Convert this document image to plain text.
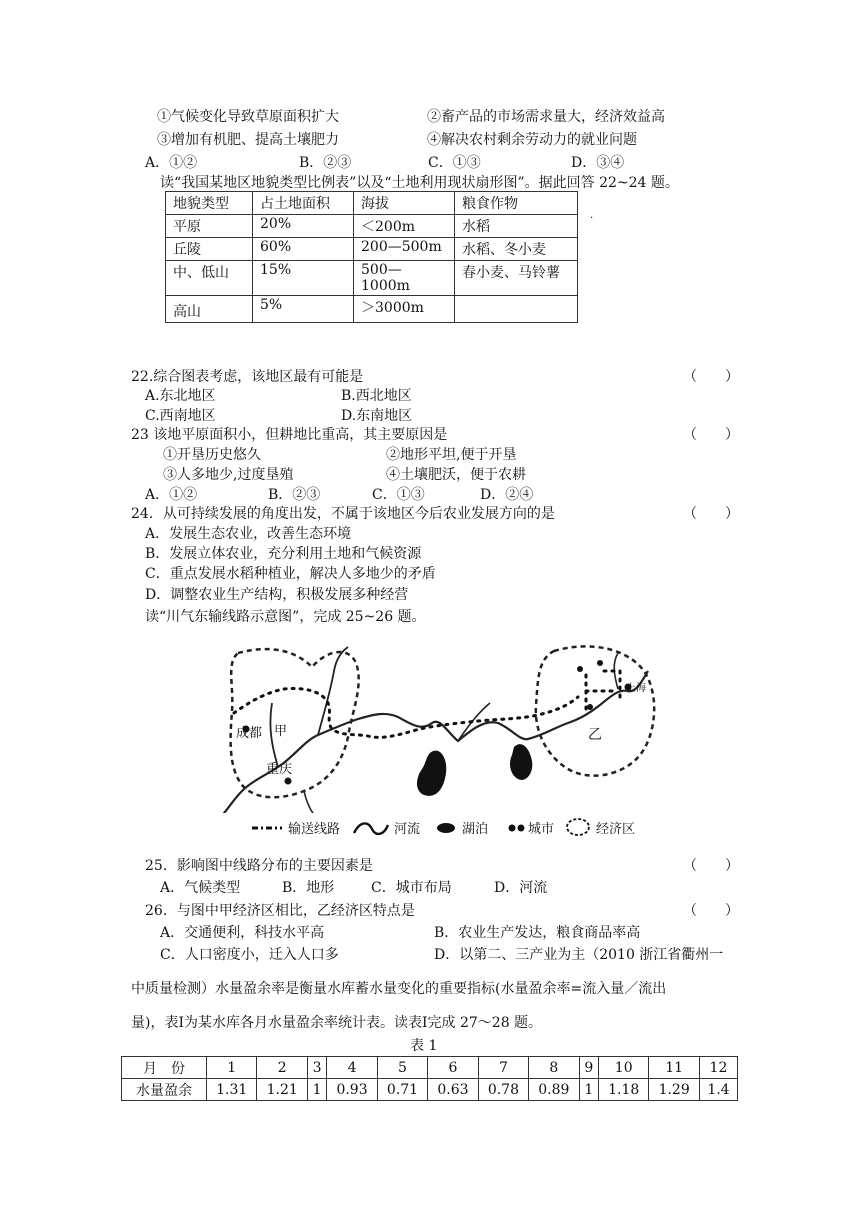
①气候变化导致草原面积扩大	②畜产品的市场需求量大，经济效益高
③增加有机肥、提高土壤肥力	④解决农村剩余劳动力的就业问题
A．①②	B．②③	C．①③	D．③④
读“我国某地区地貌类型比例表”以及“土地利用现状扇形图”。据此回答 22~24 题。
地貌类型	占土地面积	海拔	粮食作物
平原	20%	＜200m	水稻
丘陵	60%	200—500m	水稻、冬小麦
中、低山	15%	500—1000m	春小麦、马铃薯
高山	5%	＞3000m	
·
22.综合图表考虑，该地区最有可能是	（　　）
A.东北地区	B.西北地区
C.西南地区	D.东南地区
23 该地平原面积小，但耕地比重高，其主要原因是	（　　）
①开垦历史悠久	②地形平坦,便于开垦
③人多地少,过度垦殖	④土壤肥沃，便于农耕
A．①②	B．②③	C．①③	D．②④
24．从可持续发展的角度出发，不属于该地区今后农业发展方向的是	（　　）
A．发展生态农业，改善生态环境
B．发展立体农业，充分利用土地和气候资源
C．重点发展水稻种植业，解决人多地少的矛盾
D．调整农业生产结构，积极发展多种经营
读“川气东输线路示意图”，完成 25~26 题。
成都 甲
重庆
上海
乙
输送线路	河流	湖泊	城市	经济区
25．影响图中线路分布的主要因素是	（　　）
A．气候类型	B．地形	C．城市布局	D．河流
26．与图中甲经济区相比，乙经济区特点是	（　　）
A．交通便利，科技水平高	B．农业生产发达，粮食商品率高
C．人口密度小，迁入人口多	D．以第二、三产业为主（2010 浙江省衢州一
中质量检测）水量盈余率是衡量水库蓄水量变化的重要指标(水量盈余率=流入量／流出
量)，表Ⅰ为某水库各月水量盈余率统计表。读表Ⅰ完成 27～28 题。
表 1
月　份	1	2	3	4	5	6	7	8	9	10	11	12
水量盈余	1.31	1.21	1	0.93	0.71	0.63	0.78	0.89	1	1.18	1.29	1.4
